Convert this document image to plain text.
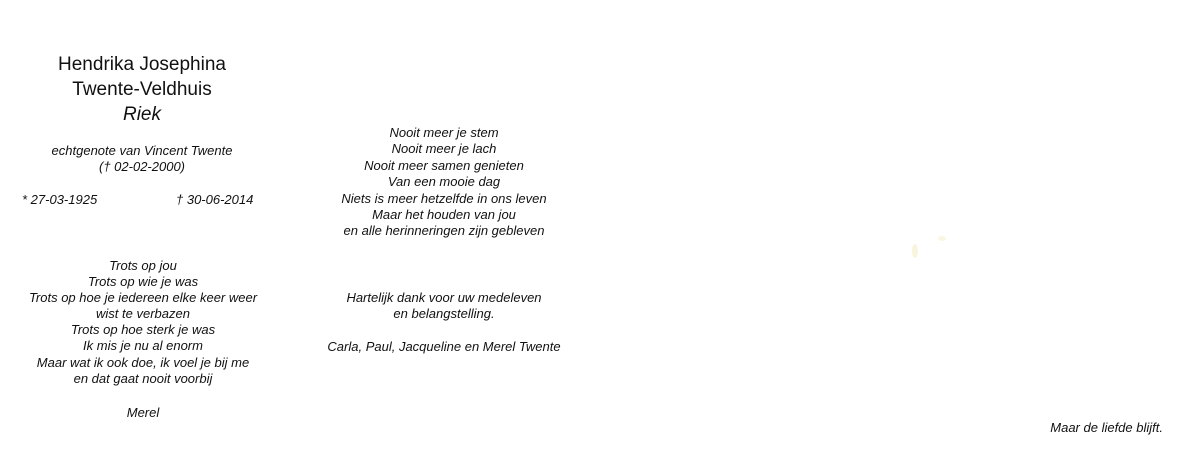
Hendrika Josephina
Twente-Veldhuis
Riek
echtgenote van Vincent Twente
(† 02-02-2000)
* 27-03-1925	† 30-06-2014
Trots op jou
Trots op wie je was
Trots op hoe je iedereen elke keer weer
wist te verbazen
Trots op hoe sterk je was
Ik mis je nu al enorm
Maar wat ik ook doe, ik voel je bij me
en dat gaat nooit voorbij
Merel
Nooit meer je stem
Nooit meer je lach
Nooit meer samen genieten
Van een mooie dag
Niets is meer hetzelfde in ons leven
Maar het houden van jou
en alle herinneringen zijn gebleven
Hartelijk dank voor uw medeleven
en belangstelling.
Carla, Paul, Jacqueline en Merel Twente
Maar de liefde blijft.
